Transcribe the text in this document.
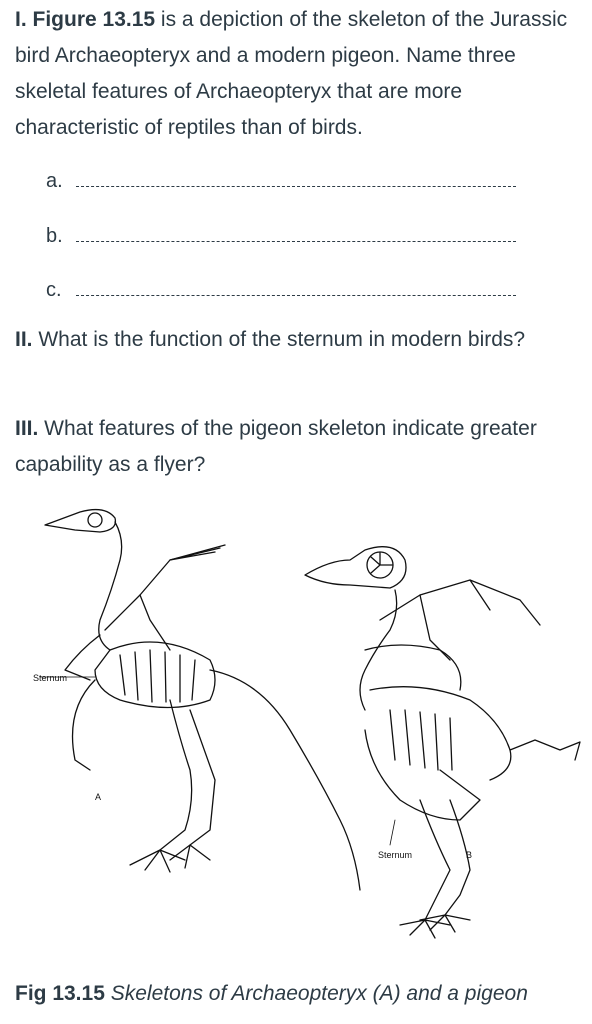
I. Figure 13.15 is a depiction of the skeleton of the Jurassic bird Archaeopteryx and a modern pigeon. Name three skeletal features of Archaeopteryx that are more characteristic of reptiles than of birds.
a.
b.
c.
II. What is the function of the sternum in modern birds?
III. What features of the pigeon skeleton indicate greater capability as a flyer?
Sternum
A
Sternum	B
Fig 13.15 Skeletons of Archaeopteryx (A) and a pigeon
